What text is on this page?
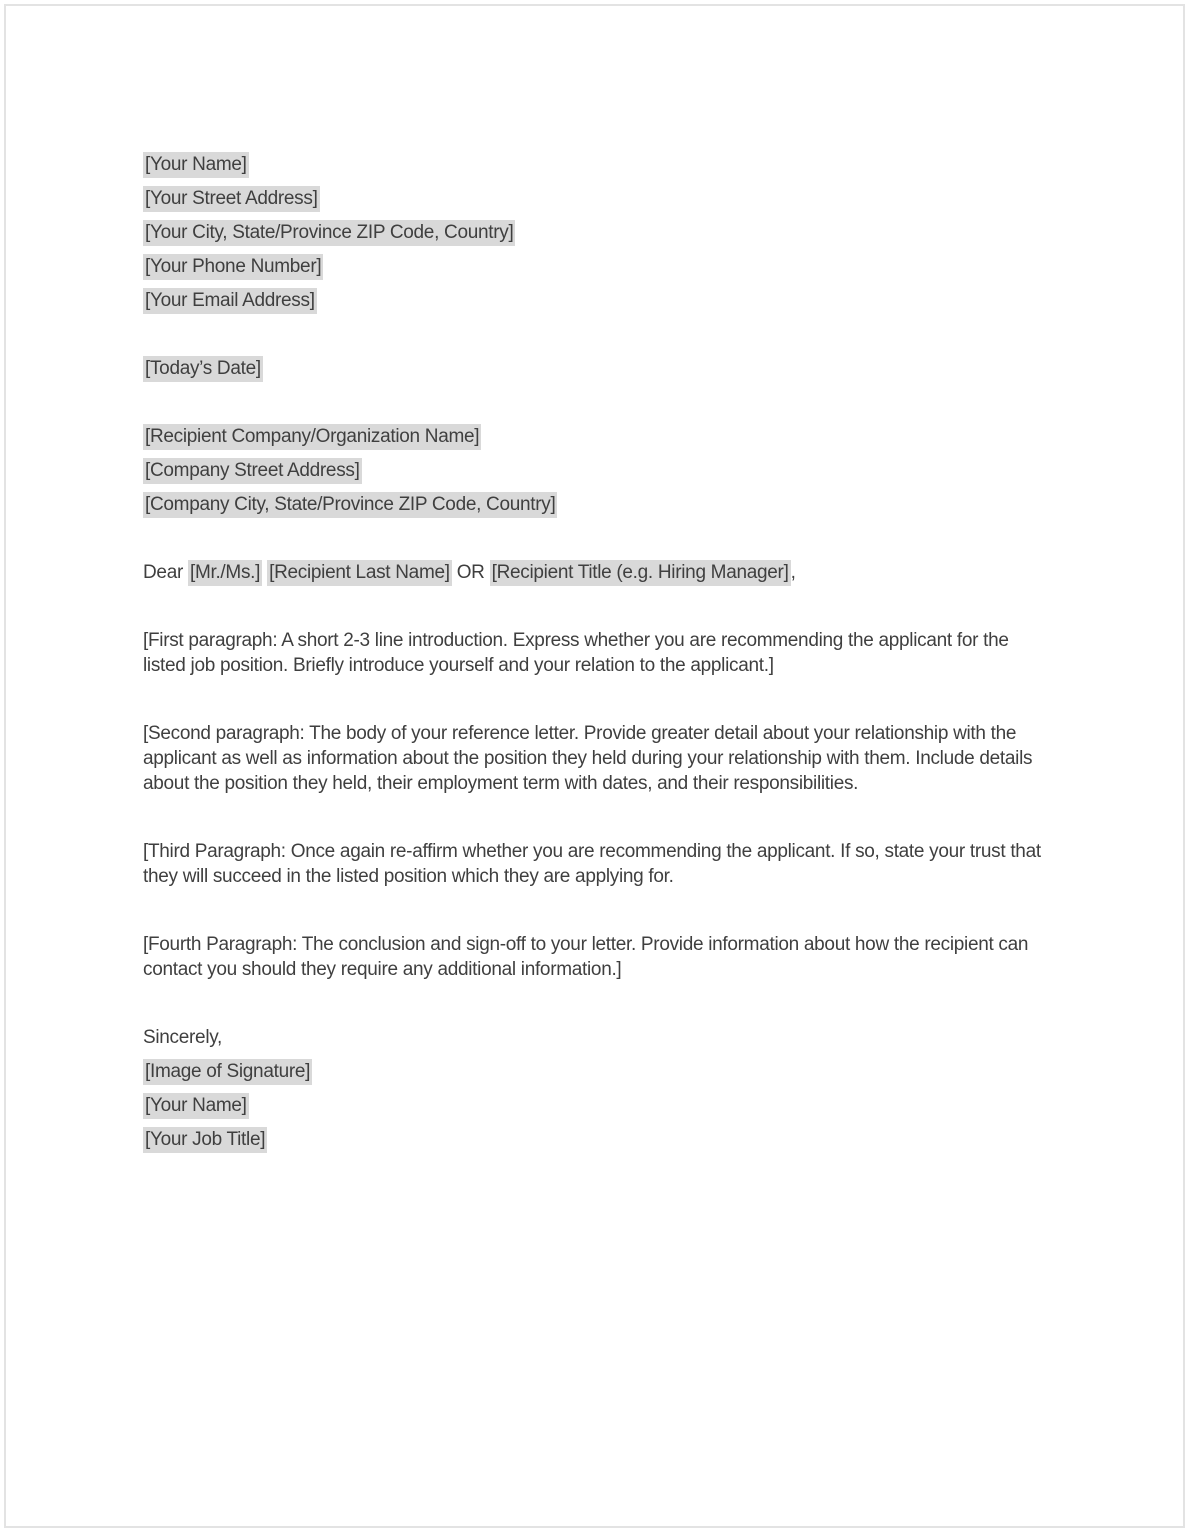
[Your Name]
[Your Street Address]
[Your City, State/Province ZIP Code, Country]
[Your Phone Number]
[Your Email Address]
[Today’s Date]
[Recipient Company/Organization Name]
[Company Street Address]
[Company City, State/Province ZIP Code, Country]
Dear [Mr./Ms.] [Recipient Last Name] OR [Recipient Title (e.g. Hiring Manager] ,

[First paragraph: A short 2-3 line introduction. Express whether you are recommending the applicant for the listed job position. Briefly introduce yourself and your relation to the applicant.]

[Second paragraph: The body of your reference letter. Provide greater detail about your relationship with the applicant as well as information about the position they held during your relationship with them. Include details about the position they held, their employment term with dates, and their responsibilities.

[Third Paragraph: Once again re-affirm whether you are recommending the applicant. If so, state your trust that they will succeed in the listed position which they are applying for.

[Fourth Paragraph: The conclusion and sign-off to your letter. Provide information about how the recipient can contact you should they require any additional information.]

Sincerely,
[Image of Signature]
[Your Name]
[Your Job Title]
